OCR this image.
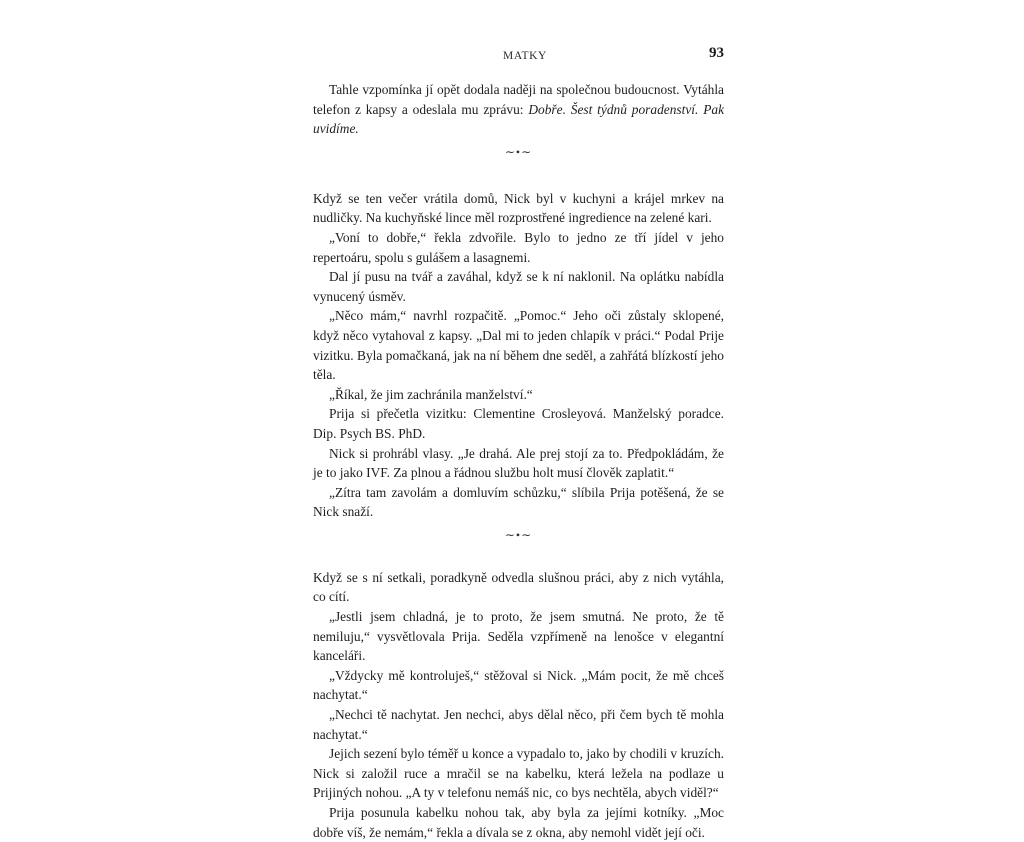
MATKY	93

Tahle vzpomínka jí opět dodala naději na společnou budoucnost. Vytáhla telefon z kapsy a odeslala mu zprávu: Dobře. Šest týdnů poradenství. Pak uvidíme.

∼•∼

Když se ten večer vrátila domů, Nick byl v kuchyni a krájel mrkev na nudličky. Na kuchyňské lince měl rozprostřené ingredience na zelené kari.

„Voní to dobře,“ řekla zdvořile. Bylo to jedno ze tří jídel v jeho repertoáru, spolu s gulášem a lasagnemi.

Dal jí pusu na tvář a zaváhal, když se k ní naklonil. Na oplátku nabídla vynucený úsměv.

„Něco mám,“ navrhl rozpačitě. „Pomoc.“ Jeho oči zůstaly sklopené, když něco vytahoval z kapsy. „Dal mi to jeden chlapík v práci.“ Podal Prije vizitku. Byla pomačkaná, jak na ní během dne seděl, a zahřátá blízkostí jeho těla.

„Říkal, že jim zachránila manželství.“

Prija si přečetla vizitku: Clementine Crosleyová. Manželský poradce. Dip. Psych BS. PhD.

Nick si prohrábl vlasy. „Je drahá. Ale prej stojí za to. Předpokládám, že je to jako IVF. Za plnou a řádnou službu holt musí člověk zaplatit.“

„Zítra tam zavolám a domluvím schůzku,“ slíbila Prija potěšená, že se Nick snaží.

∼•∼

Když se s ní setkali, poradkyně odvedla slušnou práci, aby z nich vytáhla, co cítí.

„Jestli jsem chladná, je to proto, že jsem smutná. Ne proto, že tě nemiluju,“ vysvětlovala Prija. Seděla vzpřímeně na lenošce v elegantní kanceláři.

„Vždycky mě kontroluješ,“ stěžoval si Nick. „Mám pocit, že mě chceš nachytat.“

„Nechci tě nachytat. Jen nechci, abys dělal něco, při čem bych tě mohla nachytat.“

Jejich sezení bylo téměř u konce a vypadalo to, jako by chodili v kruzích. Nick si založil ruce a mračil se na kabelku, která ležela na podlaze u Prijiných nohou. „A ty v telefonu nemáš nic, co bys nechtěla, abych viděl?“

Prija posunula kabelku nohou tak, aby byla za jejími kotníky. „Moc dobře víš, že nemám,“ řekla a dívala se z okna, aby nemohl vidět její oči.
